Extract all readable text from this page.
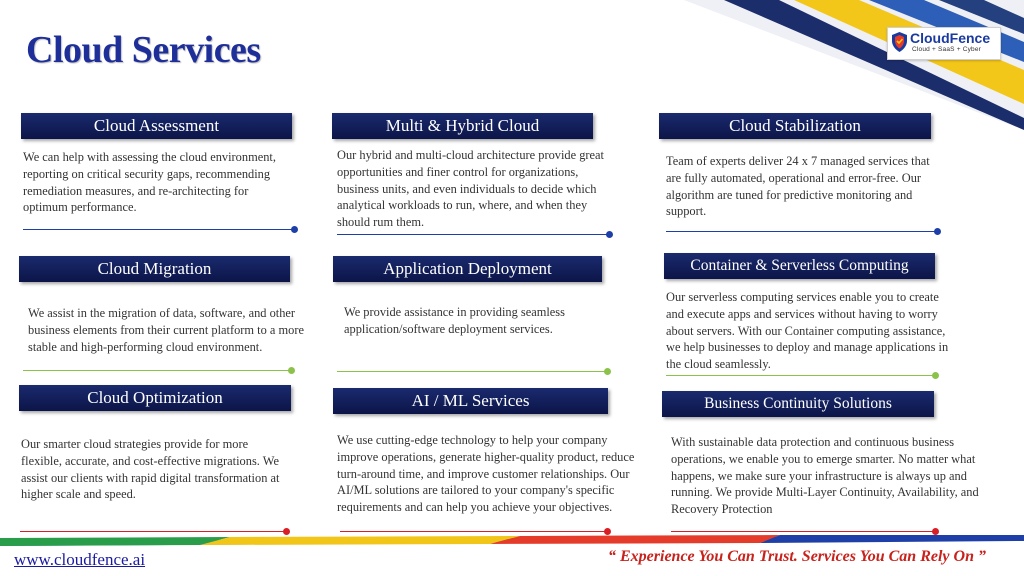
Cloud Services	CloudFence
Cloud + SaaS + Cyber
Cloud Assessment
We can help with assessing the cloud environment, reporting on critical security gaps, recommending remediation measures, and re-architecting for optimum performance.
Multi & Hybrid Cloud
Our hybrid and multi-cloud architecture provide great opportunities and finer control for organizations, business units, and even individuals to decide which analytical workloads to run, where, and when they should rum them.
Cloud Stabilization
Team of experts deliver 24 x 7 managed services that are fully automated, operational and error-free. Our algorithm are tuned for predictive monitoring and support.
Cloud Migration
We assist in the migration of data, software, and other business elements from their current platform to a more stable and high-performing cloud environment.
Application Deployment
We provide assistance in providing seamless application/software deployment services.
Container & Serverless Computing
Our serverless computing services enable you to create and execute apps and services without having to worry about servers. With our Container computing assistance, we help businesses to deploy and manage applications in the cloud seamlessly.
Cloud Optimization
Our smarter cloud strategies provide for more flexible, accurate, and cost-effective migrations. We assist our clients with rapid digital transformation at higher scale and speed.
AI / ML Services
We use cutting-edge technology to help your company improve operations, generate higher-quality product, reduce turn-around time, and improve customer relationships. Our AI/ML solutions are tailored to your company's specific requirements and can help you achieve your objectives.
Business Continuity Solutions
With sustainable data protection and continuous business operations, we enable you to emerge smarter. No matter what happens, we make sure your infrastructure is always up and running. We provide Multi-Layer Continuity, Availability, and Recovery Protection
www.cloudfence.ai	“ Experience You Can Trust. Services You Can Rely On ”
